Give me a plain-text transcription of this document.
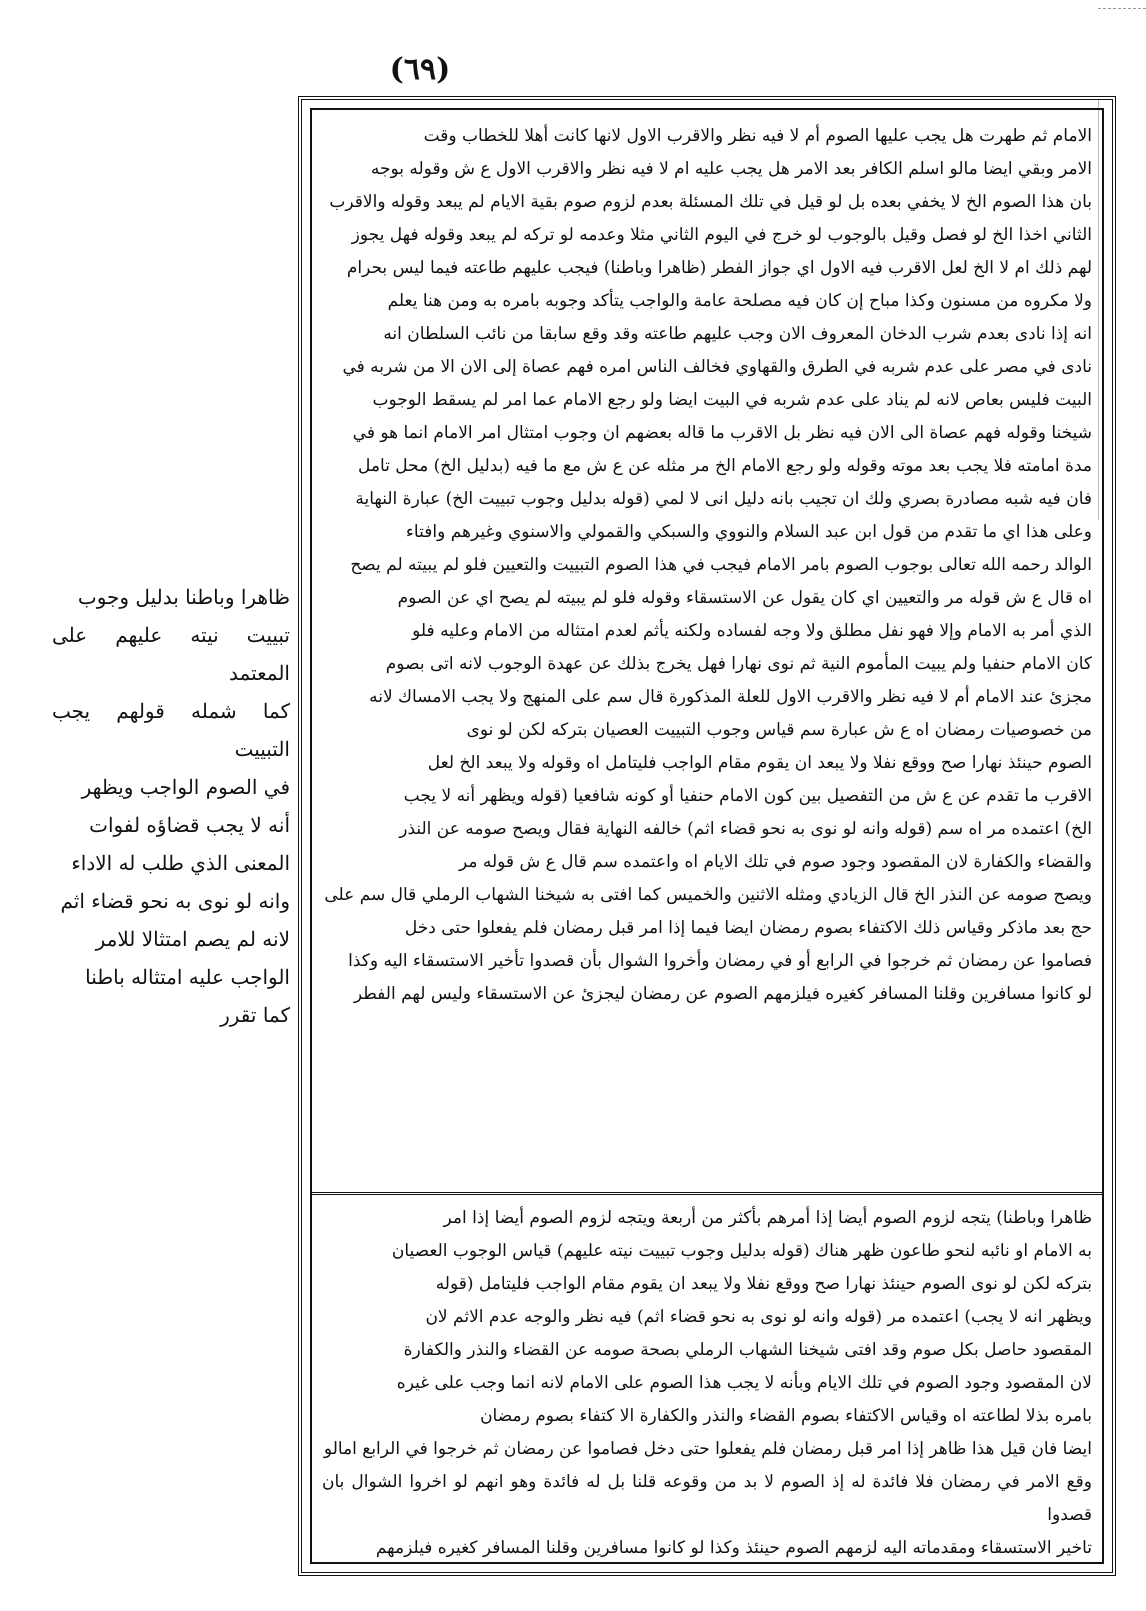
(٦٩)

ظاهرا وباطنا بدليل وجوب

تبييت نيته عليهم على المعتمد

كما شمله قولهم يجب التبييت

في الصوم الواجب ويظهر

أنه لا يجب قضاؤه لفوات

المعنى الذي طلب له الاداء

وانه لو نوى به نحو قضاء اثم

لانه لم يصم امتثالا للامر

الواجب عليه امتثاله باطنا

كما تقرر

الامام ثم طهرت هل يجب عليها الصوم أم لا فيه نظر والاقرب الاول لانها كانت أهلا للخطاب وقت

الامر وبقي ايضا مالو اسلم الكافر بعد الامر هل يجب عليه ام لا فيه نظر والاقرب الاول ع ش وقوله بوجه

بان هذا الصوم الخ لا يخفي بعده بل لو قيل في تلك المسئلة بعدم لزوم صوم بقية الايام لم يبعد وقوله والاقرب

الثاني اخذا الخ لو فصل وقيل بالوجوب لو خرج في اليوم الثاني مثلا وعدمه لو تركه لم يبعد وقوله فهل يجوز

لهم ذلك ام لا الخ لعل الاقرب فيه الاول اي جواز الفطر (ظاهرا وباطنا) فيجب عليهم طاعته فيما ليس بحرام

ولا مكروه من مسنون وكذا مباح إن كان فيه مصلحة عامة والواجب يتأكد وجوبه بامره به ومن هنا يعلم

انه إذا نادى بعدم شرب الدخان المعروف الان وجب عليهم طاعته وقد وقع سابقا من نائب السلطان انه

نادى في مصر على عدم شربه في الطرق والقهاوي فخالف الناس امره فهم عصاة إلى الان الا من شربه في

البيت فليس بعاص لانه لم يناد على عدم شربه في البيت ايضا ولو رجع الامام عما امر لم يسقط الوجوب

شيخنا وقوله فهم عصاة الى الان فيه نظر بل الاقرب ما قاله بعضهم ان وجوب امتثال امر الامام انما هو في

مدة امامته فلا يجب بعد موته وقوله ولو رجع الامام الخ مر مثله عن ع ش مع ما فيه (بدليل الخ) محل تامل

فان فيه شبه مصادرة بصري ولك ان تجيب بانه دليل انى لا لمي (قوله بدليل وجوب تبييت الخ) عبارة النهاية

وعلى هذا اي ما تقدم من قول ابن عبد السلام والنووي والسبكي والقمولي والاسنوي وغيرهم وافتاء

الوالد رحمه الله تعالى بوجوب الصوم بامر الامام فيجب في هذا الصوم التبييت والتعيين فلو لم يبيته لم يصح

اه قال ع ش قوله مر والتعيين اي كان يقول عن الاستسقاء وقوله فلو لم يبيته لم يصح اي عن الصوم

الذي أمر به الامام وإلا فهو نفل مطلق ولا وجه لفساده ولكنه يأثم لعدم امتثاله من الامام وعليه فلو

كان الامام حنفيا ولم يبيت المأموم النية ثم نوى نهارا فهل يخرج بذلك عن عهدة الوجوب لانه اتى بصوم

مجزئ عند الامام أم لا فيه نظر والاقرب الاول للعلة المذكورة قال سم على المنهج ولا يجب الامساك لانه

من خصوصيات رمضان اه ع ش عبارة سم قياس وجوب التبييت العصيان بتركه لكن لو نوى

الصوم حينئذ نهارا صح ووقع نفلا ولا يبعد ان يقوم مقام الواجب فليتامل اه وقوله ولا يبعد الخ لعل

الاقرب ما تقدم عن ع ش من التفصيل بين كون الامام حنفيا أو كونه شافعيا (قوله ويظهر أنه لا يجب

الخ) اعتمده مر اه سم (قوله وانه لو نوى به نحو قضاء اثم) خالفه النهاية فقال ويصح صومه عن النذر

والقضاء والكفارة لان المقصود وجود صوم في تلك الايام اه واعتمده سم قال ع ش قوله مر

ويصح صومه عن النذر الخ قال الزيادي ومثله الاثنين والخميس كما افتى به شيخنا الشهاب الرملي قال سم على

حج بعد ماذكر وقياس ذلك الاكتفاء بصوم رمضان ايضا فيما إذا امر قبل رمضان فلم يفعلوا حتى دخل

فصاموا عن رمضان ثم خرجوا في الرابع أو في رمضان وأخروا الشوال بأن قصدوا تأخير الاستسقاء اليه وكذا

لو كانوا مسافرين وقلنا المسافر كغيره فيلزمهم الصوم عن رمضان ليجزئ عن الاستسقاء وليس لهم الفطر

ظاهرا وباطنا) يتجه لزوم الصوم أيضا إذا أمرهم بأكثر من أربعة ويتجه لزوم الصوم أيضا إذا امر

به الامام او نائبه لنحو طاعون ظهر هناك (قوله بدليل وجوب تبييت نيته عليهم) قياس الوجوب العصيان

بتركه لكن لو نوى الصوم حينئذ نهارا صح ووقع نفلا ولا يبعد ان يقوم مقام الواجب فليتامل (قوله

ويظهر انه لا يجب) اعتمده مر (قوله وانه لو نوى به نحو قضاء اثم) فيه نظر والوجه عدم الاثم لان

المقصود حاصل بكل صوم وقد افتى شيخنا الشهاب الرملي بصحة صومه عن القضاء والنذر والكفارة

لان المقصود وجود الصوم في تلك الايام وبأنه لا يجب هذا الصوم على الامام لانه انما وجب على غيره

بامره بذلا لطاعته اه وقياس الاكتفاء بصوم القضاء والنذر والكفارة الا كتفاء بصوم رمضان

ايضا فان قيل هذا ظاهر إذا امر قبل رمضان فلم يفعلوا حتى دخل فصاموا عن رمضان ثم خرجوا في الرابع امالو

وقع الامر في رمضان فلا فائدة له إذ الصوم لا بد من وقوعه قلنا بل له فائدة وهو انهم لو اخروا الشوال بان قصدوا

تاخير الاستسقاء ومقدماته اليه لزمهم الصوم حينئذ وكذا لو كانوا مسافرين وقلنا المسافر كغيره فيلزمهم
